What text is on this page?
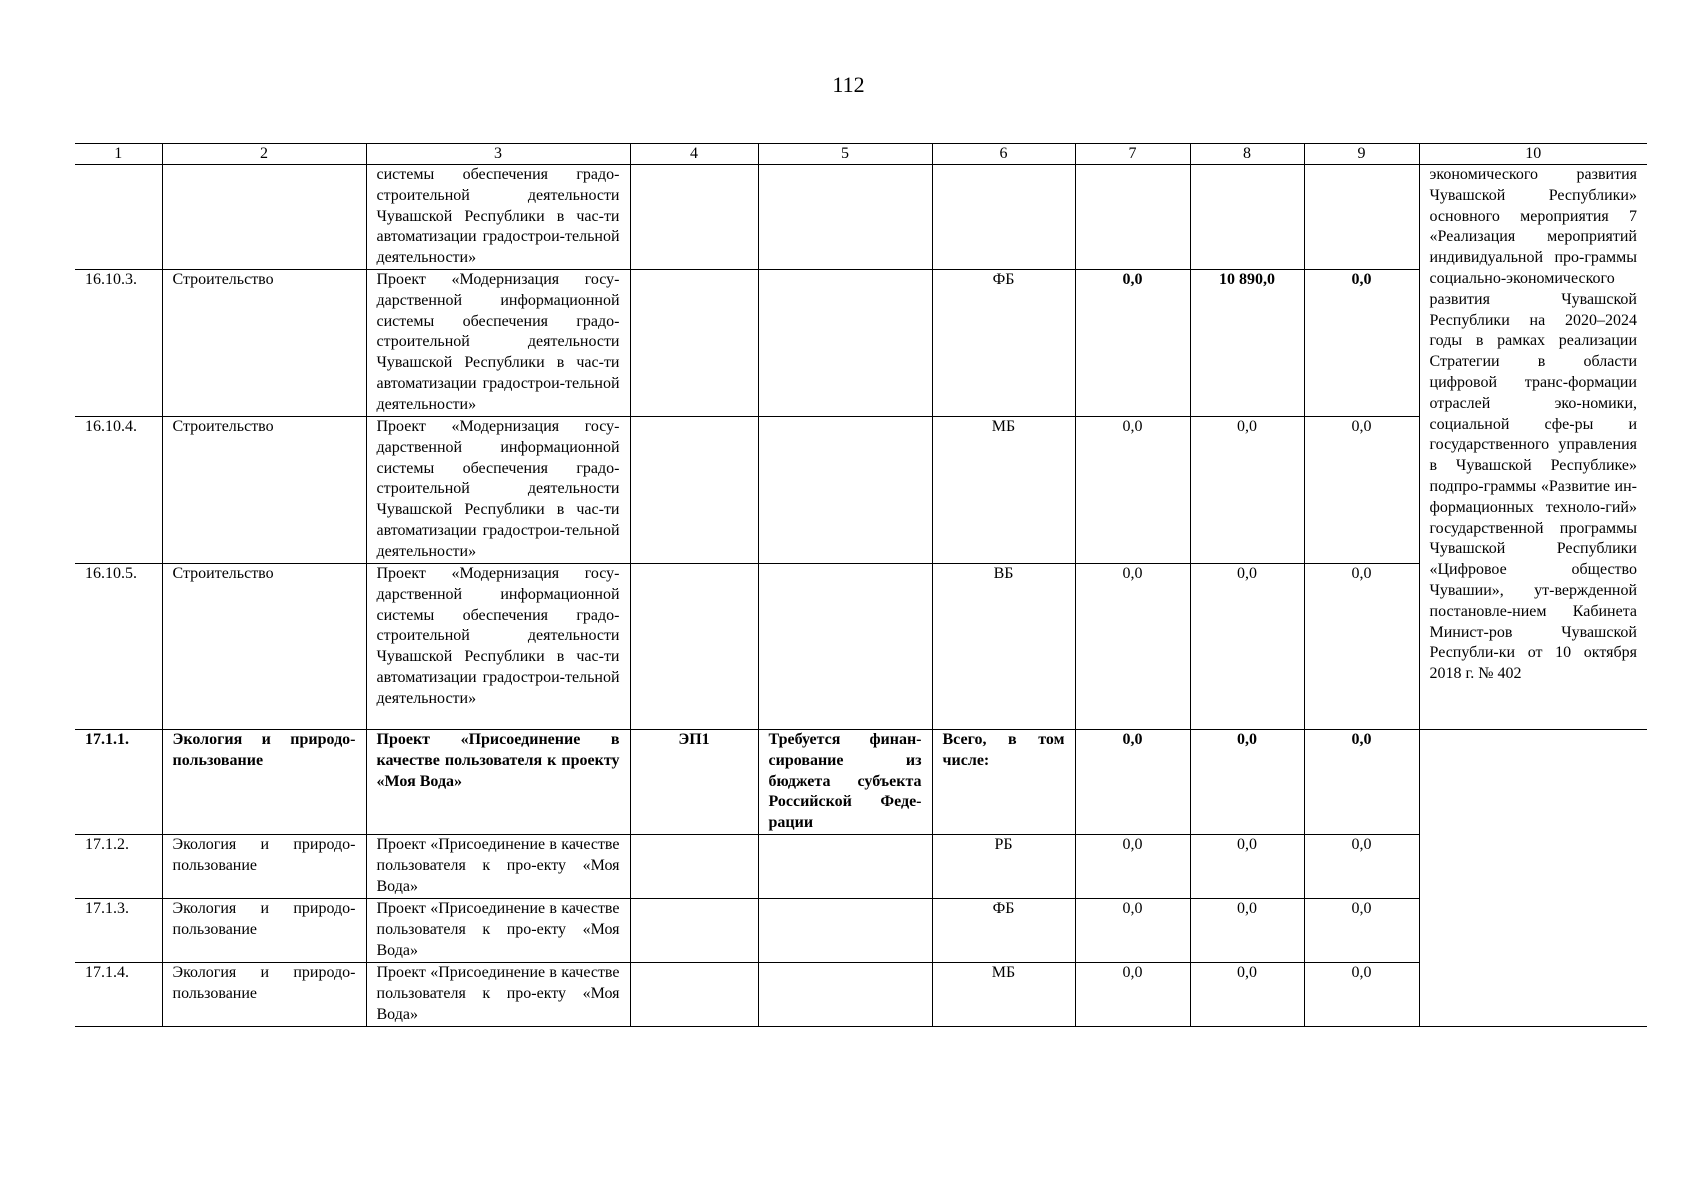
112
1	2	3	4	5	6	7	8	9	10
		системы обеспечения градо-строительной деятельности Чувашской Республики в час-ти автоматизации градострои-тельной деятельности»							экономического развития Чувашской Республики» основного мероприятия 7 «Реализация мероприятий индивидуальной про-граммы социально-экономического развития Чувашской Республики на 2020–2024 годы в рамках реализации Стратегии в области цифровой транс-формации отраслей эко-номики, социальной сфе-ры и государственного управления в Чувашской Республике» подпро-граммы «Развитие ин-формационных техноло-гий» государственной программы Чувашской Республики «Цифровое общество Чувашии», ут-вержденной постановле-нием Кабинета Минист-ров Чувашской Республи-ки от 10 октября 2018 г. № 402
16.10.3.	Строительство	Проект «Модернизация госу-дарственной информационной системы обеспечения градо-строительной деятельности Чувашской Республики в час-ти автоматизации градострои-тельной деятельности»			ФБ	0,0	10 890,0	0,0	
16.10.4.	Строительство	Проект «Модернизация госу-дарственной информационной системы обеспечения градо-строительной деятельности Чувашской Республики в час-ти автоматизации градострои-тельной деятельности»			МБ	0,0	0,0	0,0	
16.10.5.	Строительство	Проект «Модернизация госу-дарственной информационной системы обеспечения градо-строительной деятельности Чувашской Республики в час-ти автоматизации градострои-тельной деятельности»			ВБ	0,0	0,0	0,0	
17.1.1.	Экология и природо-пользование	Проект «Присоединение в качестве пользователя к проекту «Моя Вода»	ЭП1	Требуется финан-сирование из бюджета субъекта Российской Феде-рации	Всего, в том числе:	0,0	0,0	0,0	
17.1.2.	Экология и природо-пользование	Проект «Присоединение в качестве пользователя к про-екту «Моя Вода»			РБ	0,0	0,0	0,0	
17.1.3.	Экология и природо-пользование	Проект «Присоединение в качестве пользователя к про-екту «Моя Вода»			ФБ	0,0	0,0	0,0	
17.1.4.	Экология и природо-пользование	Проект «Присоединение в качестве пользователя к про-екту «Моя Вода»			МБ	0,0	0,0	0,0	
